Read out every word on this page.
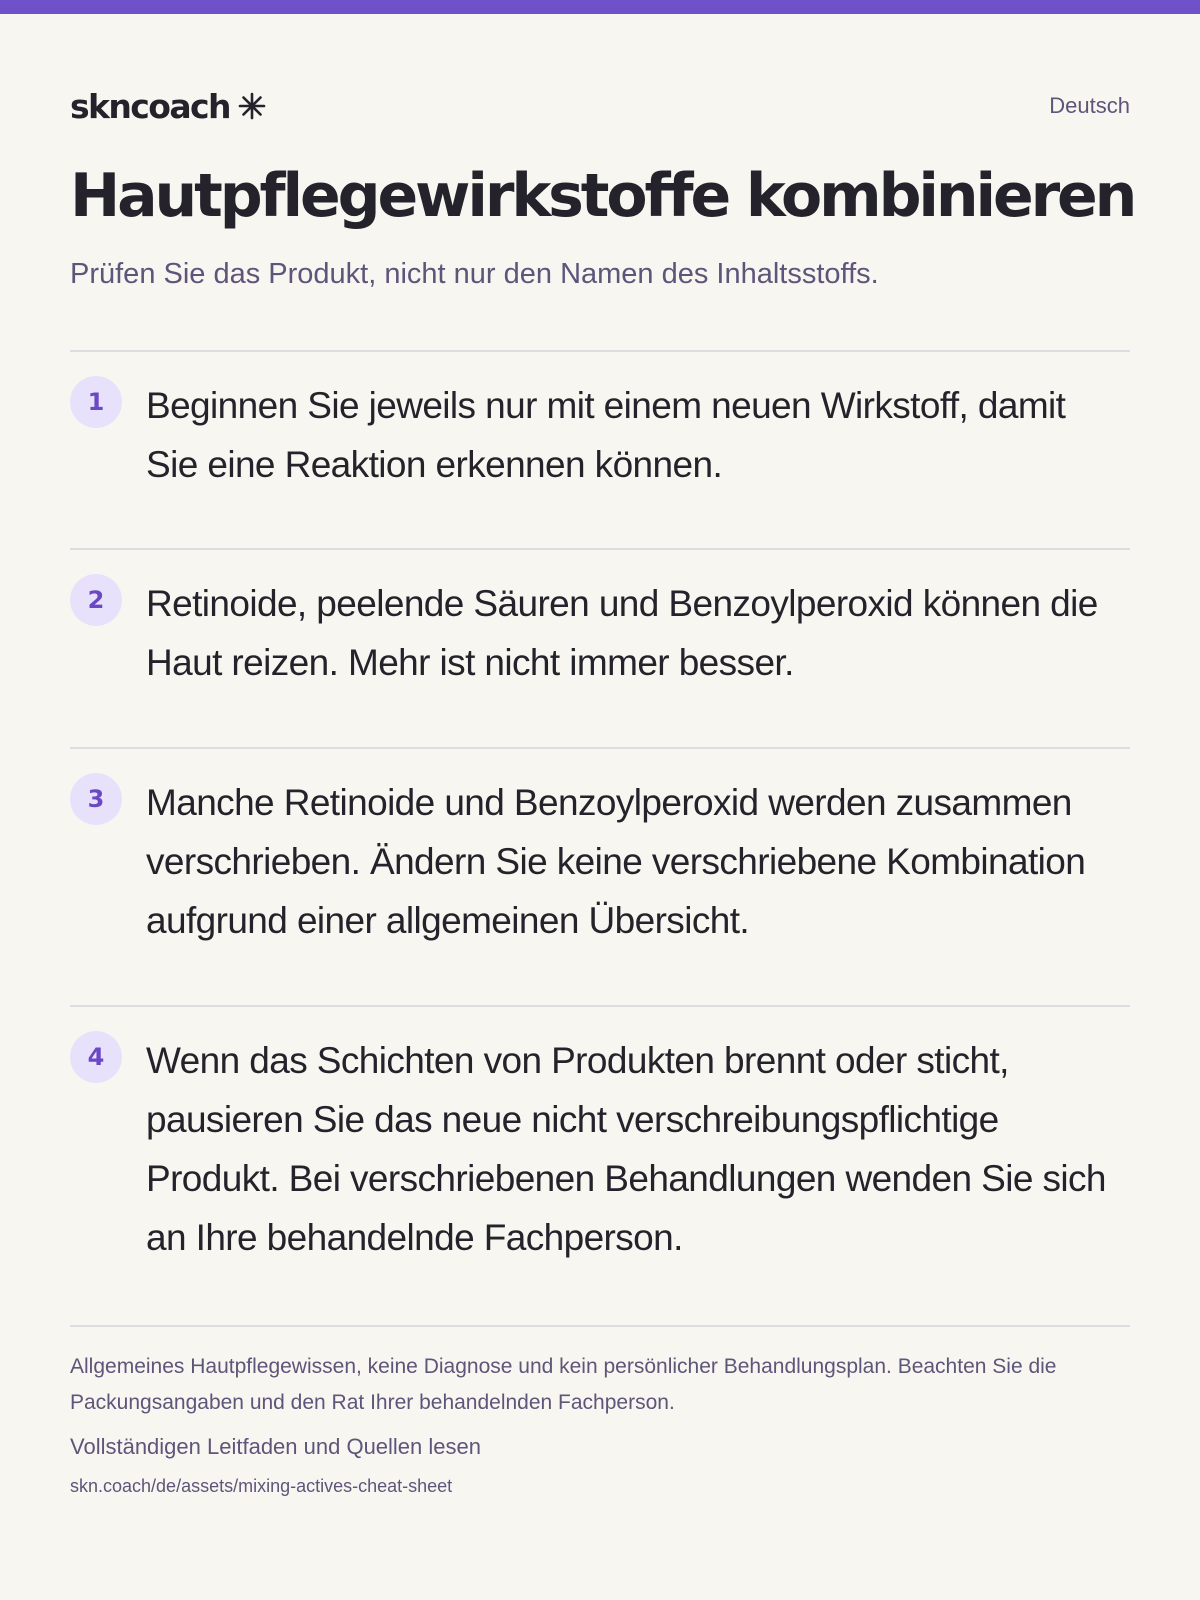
skncoach	Deutsch
Hautpflegewirkstoffe kombinieren

Prüfen Sie das Produkt, nicht nur den Namen des Inhaltsstoffs.

1	Beginnen Sie jeweils nur mit einem neuen Wirkstoff, damit Sie eine Reaktion erkennen können.
2	Retinoide, peelende Säuren und Benzoylperoxid können die Haut reizen. Mehr ist nicht immer besser.
3	Manche Retinoide und Benzoylperoxid werden zusammen verschrieben. Ändern Sie keine verschriebene Kombination aufgrund einer allgemeinen Übersicht.
4	Wenn das Schichten von Produkten brennt oder sticht, pausieren Sie das neue nicht verschreibungspflichtige Produkt. Bei verschriebenen Behandlungen wenden Sie sich an Ihre behandelnde Fachperson.

Allgemeines Hautpflegewissen, keine Diagnose und kein persönlicher Behandlungsplan. Beachten Sie die Packungsangaben und den Rat Ihrer behandelnden Fachperson.

Vollständigen Leitfaden und Quellen lesen

skn.coach/de/assets/mixing-actives-cheat-sheet
